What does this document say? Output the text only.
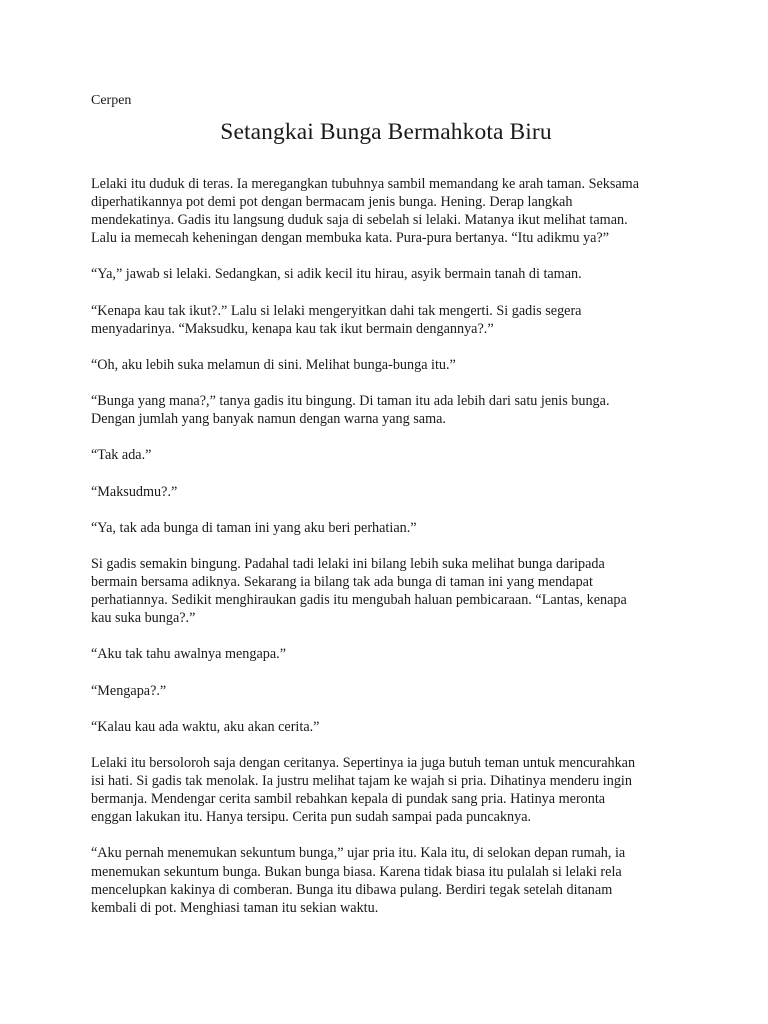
Cerpen

Setangkai Bunga Bermahkota Biru

Lelaki itu duduk di teras. Ia meregangkan tubuhnya sambil memandang ke arah taman. Seksama
diperhatikannya pot demi pot dengan bermacam jenis bunga. Hening. Derap langkah
mendekatinya. Gadis itu langsung duduk saja di sebelah si lelaki. Matanya ikut melihat taman.
Lalu ia memecah keheningan dengan membuka kata. Pura-pura bertanya. “Itu adikmu ya?”

“Ya,” jawab si lelaki. Sedangkan, si adik kecil itu hirau, asyik bermain tanah di taman.

“Kenapa kau tak ikut?.” Lalu si lelaki mengeryitkan dahi tak mengerti. Si gadis segera
menyadarinya. “Maksudku, kenapa kau tak ikut bermain dengannya?.”

“Oh, aku lebih suka melamun di sini. Melihat bunga-bunga itu.”

“Bunga yang mana?,” tanya gadis itu bingung. Di taman itu ada lebih dari satu jenis bunga.
Dengan jumlah yang banyak namun dengan warna yang sama.

“Tak ada.”

“Maksudmu?.”

“Ya, tak ada bunga di taman ini yang aku beri perhatian.”

Si gadis semakin bingung. Padahal tadi lelaki ini bilang lebih suka melihat bunga daripada
bermain bersama adiknya. Sekarang ia bilang tak ada bunga di taman ini yang mendapat
perhatiannya. Sedikit menghiraukan gadis itu mengubah haluan pembicaraan. “Lantas, kenapa
kau suka bunga?.”

“Aku tak tahu awalnya mengapa.”

“Mengapa?.”

“Kalau kau ada waktu, aku akan cerita.”

Lelaki itu bersoloroh saja dengan ceritanya. Sepertinya ia juga butuh teman untuk mencurahkan
isi hati. Si gadis tak menolak. Ia justru melihat tajam ke wajah si pria. Dihatinya menderu ingin
bermanja. Mendengar cerita sambil rebahkan kepala di pundak sang pria. Hatinya meronta
enggan lakukan itu. Hanya tersipu. Cerita pun sudah sampai pada puncaknya.

“Aku pernah menemukan sekuntum bunga,” ujar pria itu. Kala itu, di selokan depan rumah, ia
menemukan sekuntum bunga. Bukan bunga biasa. Karena tidak biasa itu pulalah si lelaki rela
mencelupkan kakinya di comberan. Bunga itu dibawa pulang. Berdiri tegak setelah ditanam
kembali di pot. Menghiasi taman itu sekian waktu.
